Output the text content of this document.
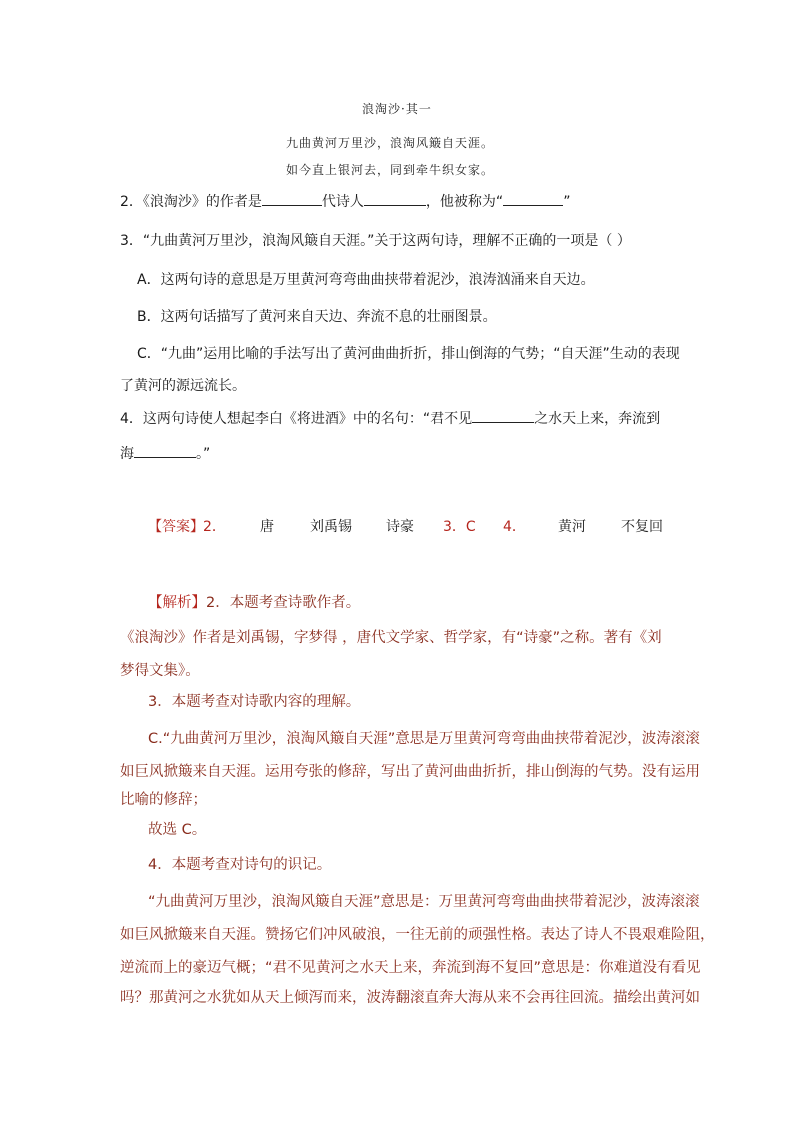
浪淘沙·其一
九曲黄河万里沙，浪淘风簸自天涯。
如今直上银河去，同到牵牛织女家。
2．《浪淘沙》的作者是	代诗人	，他被称为“	”
3．“九曲黄河万里沙，浪淘风簸自天涯。”关于这两句诗，理解不正确的一项是（ ）
A．这两句诗的意思是万里黄河弯弯曲曲挟带着泥沙，浪涛汹涌来自天边。
B．这两句话描写了黄河来自天边、奔流不息的壮丽图景。
C．“九曲”运用比喻的手法写出了黄河曲曲折折，排山倒海的气势；“自天涯”生动的表现
了黄河的源远流长。
4．这两句诗使人想起李白《将进酒》中的名句：“君不见	之水天上来，奔流到
海	。”
【答案】 2． 唐	刘禹锡 诗豪 3．C 4． 黄河	不复回
【解析】2．本题考查诗歌作者。
《浪淘沙》作者是刘禹锡，字梦得 ，唐代文学家、哲学家，有“诗豪”之称。著有《刘
梦得文集》。
3．本题考查对诗歌内容的理解。
C.“九曲黄河万里沙，浪淘风簸自天涯”意思是万里黄河弯弯曲曲挟带着泥沙，波涛滚滚
如巨风掀簸来自天涯。运用夸张的修辞，写出了黄河曲曲折折，排山倒海的气势。没有运用
比喻的修辞；
故选 C。
4．本题考查对诗句的识记。
“九曲黄河万里沙，浪淘风簸自天涯”意思是：万里黄河弯弯曲曲挟带着泥沙，波涛滚滚
如巨风掀簸来自天涯。赞扬它们冲风破浪，一往无前的顽强性格。表达了诗人不畏艰难险阻，
逆流而上的豪迈气概；“君不见黄河之水天上来，奔流到海不复回”意思是：你难道没有看见
吗？那黄河之水犹如从天上倾泻而来，波涛翻滚直奔大海从来不会再往回流。描绘出黄河如
